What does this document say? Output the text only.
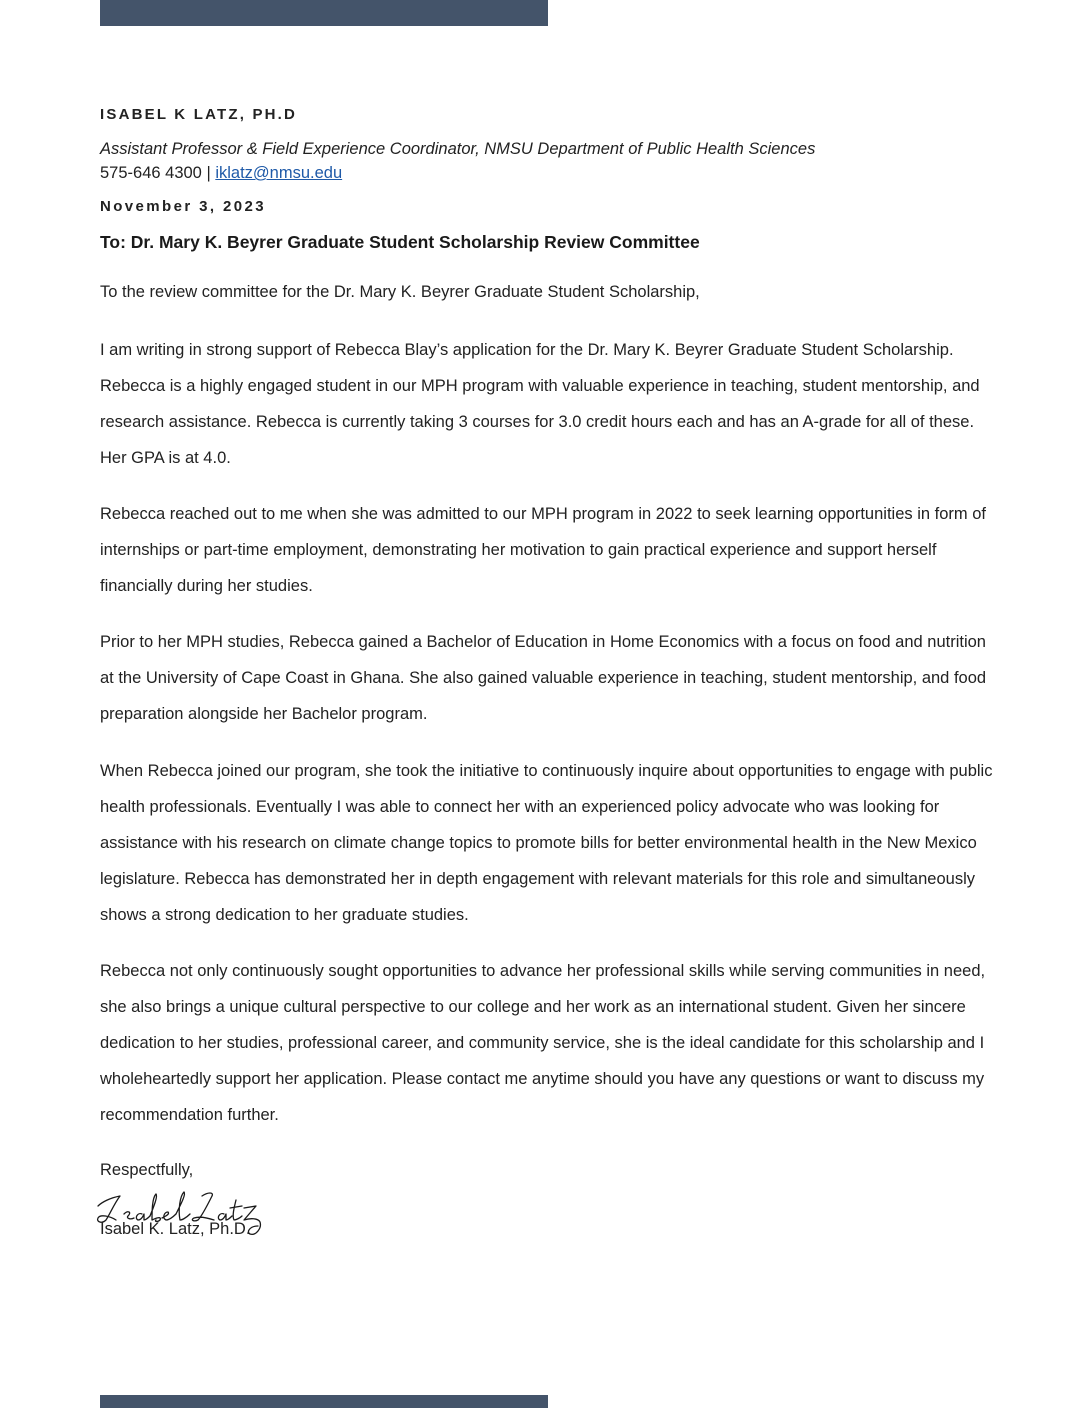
ISABEL K LATZ, PH.D
Assistant Professor & Field Experience Coordinator, NMSU Department of Public Health Sciences
575-646 4300 | iklatz@nmsu.edu
November 3, 2023
To: Dr. Mary K. Beyrer Graduate Student Scholarship Review Committee
To the review committee for the Dr. Mary K. Beyrer Graduate Student Scholarship,

I am writing in strong support of Rebecca Blay’s application for the Dr. Mary K. Beyrer Graduate Student Scholarship. Rebecca is a highly engaged student in our MPH program with valuable experience in teaching, student mentorship, and research assistance. Rebecca is currently taking 3 courses for 3.0 credit hours each and has an A-grade for all of these. Her GPA is at 4.0.

Rebecca reached out to me when she was admitted to our MPH program in 2022 to seek learning opportunities in form of internships or part-time employment, demonstrating her motivation to gain practical experience and support herself financially during her studies.

Prior to her MPH studies, Rebecca gained a Bachelor of Education in Home Economics with a focus on food and nutrition at the University of Cape Coast in Ghana. She also gained valuable experience in teaching, student mentorship, and food preparation alongside her Bachelor program.

When Rebecca joined our program, she took the initiative to continuously inquire about opportunities to engage with public health professionals. Eventually I was able to connect her with an experienced policy advocate who was looking for assistance with his research on climate change topics to promote bills for better environmental health in the New Mexico legislature. Rebecca has demonstrated her in depth engagement with relevant materials for this role and simultaneously shows a strong dedication to her graduate studies.

Rebecca not only continuously sought opportunities to advance her professional skills while serving communities in need, she also brings a unique cultural perspective to our college and her work as an international student. Given her sincere dedication to her studies, professional career, and community service, she is the ideal candidate for this scholarship and I wholeheartedly support her application. Please contact me anytime should you have any questions or want to discuss my recommendation further.

Respectfully,
Isabel K. Latz, Ph.D.
